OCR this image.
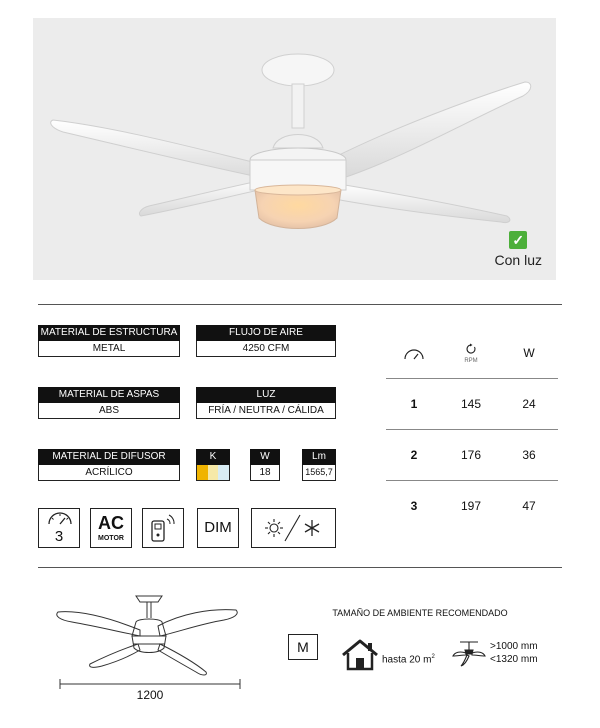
✓
Con luz
MATERIAL DE ESTRUCTURA
METAL
FLUJO DE AIRE
4250 CFM
MATERIAL DE ASPAS
ABS
LUZ
FRÍA / NEUTRA / CÁLIDA
MATERIAL DE DIFUSOR
ACRÍLICO
K	W
18
Lm
1565,7
3
AC
MOTOR
DIM
RPM
W
1	145	24
2	176	36
3	197	47
1200
TAMAÑO DE AMBIENTE RECOMENDADO
M
hasta 20 $m^2$
>1000 mm
<1320 mm
